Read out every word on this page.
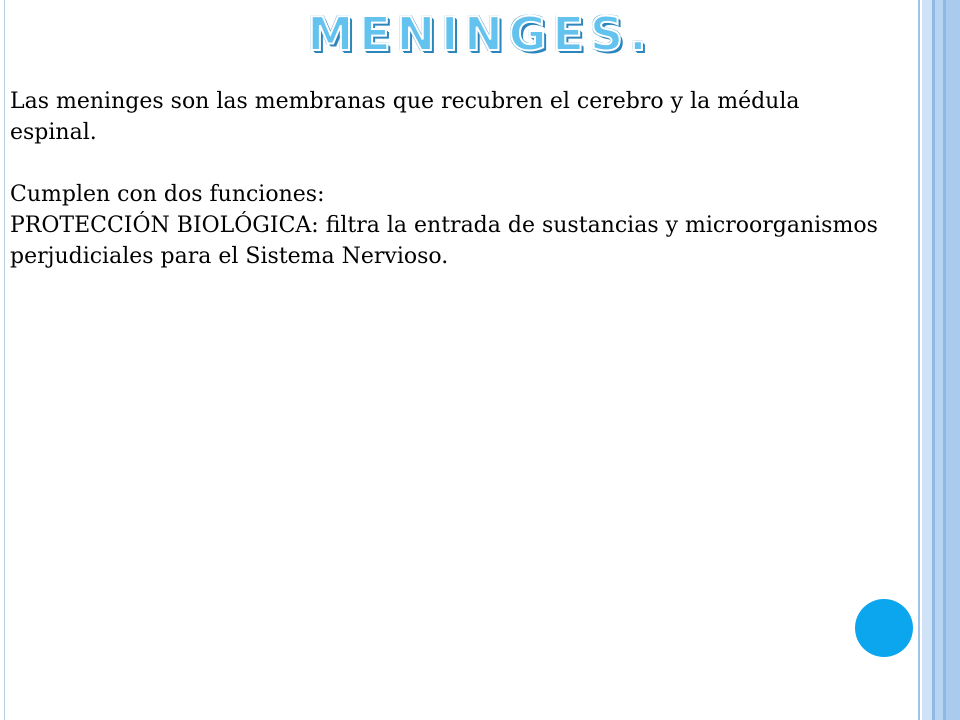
MENINGES.

Las meninges son las membranas que recubren el cerebro y la médula espinal.

Cumplen con dos funciones:

PROTECCIÓN BIOLÓGICA: filtra la entrada de sustancias y microorganismos perjudiciales para el Sistema Nervioso.
